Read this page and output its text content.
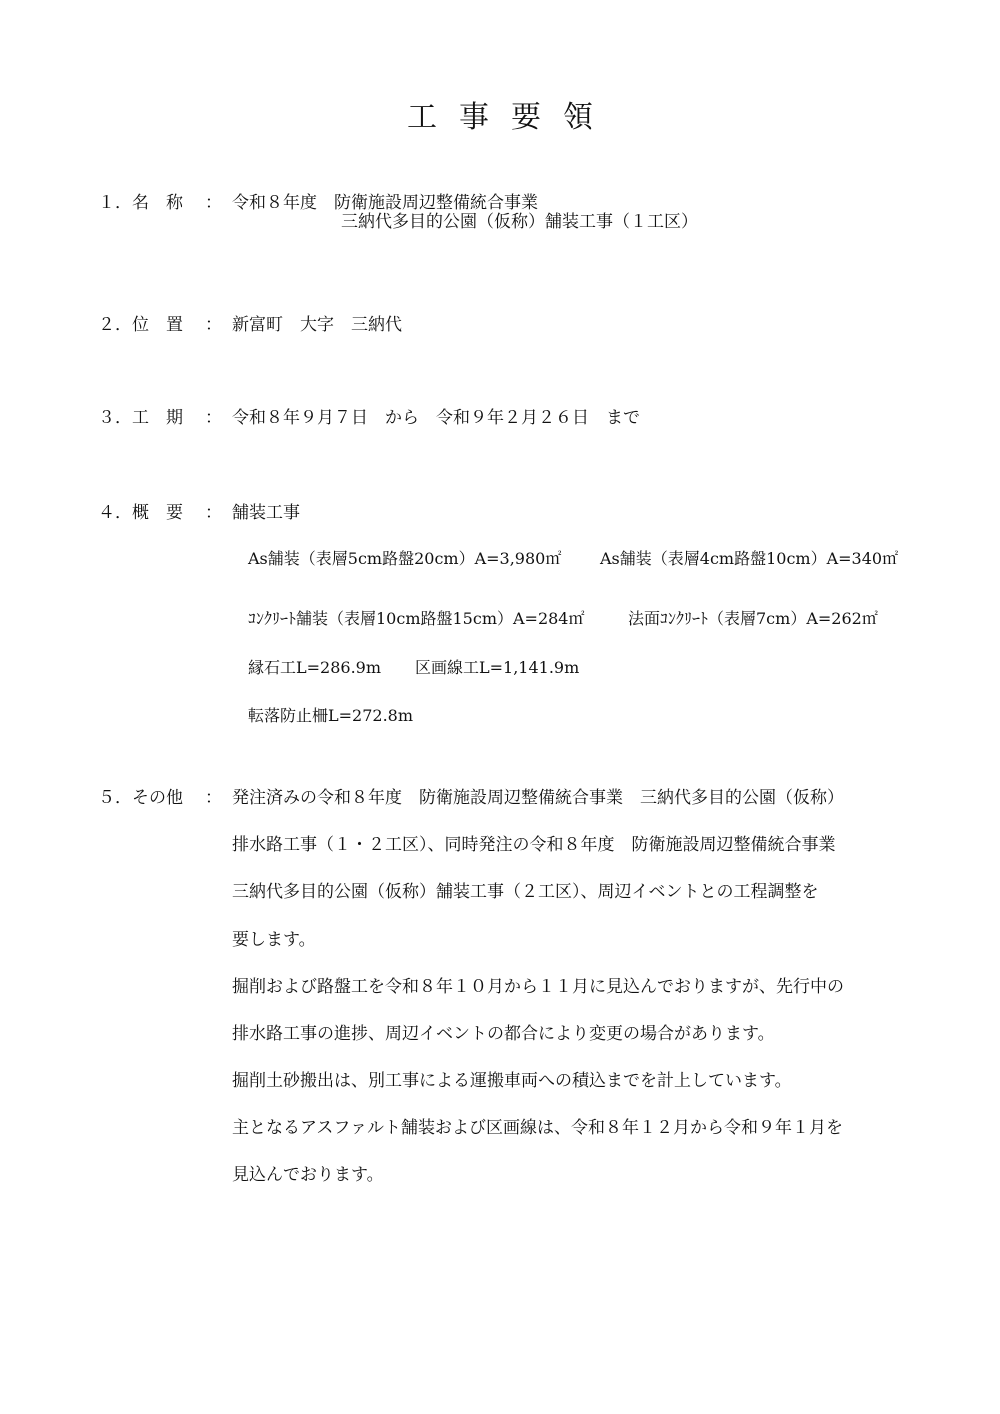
工事要領
１．名　称 ： 令和８年度　防衛施設周辺整備統合事業
三納代多目的公園（仮称）舗装工事（１工区）
２．位　置 ： 新富町　大字　三納代
３．工　期 ： 令和８年９月７日　から　令和９年２月２６日　まで
４．概　要 ： 舗装工事
As舗装（表層5cm路盤20cm）A=3,980㎡ As舗装（表層4cm路盤10cm）A=340㎡
ｺﾝｸﾘｰﾄ舗装（表層10cm路盤15cm）A=284㎡	法面ｺﾝｸﾘｰﾄ（表層7cm）A=262㎡
縁石工L=286.9m 区画線工L=1,141.9m
転落防止柵L=272.8m
５．その他 ： 発注済みの令和８年度　防衛施設周辺整備統合事業　三納代多目的公園（仮称）
排水路工事（１・２工区）、同時発注の令和８年度　防衛施設周辺整備統合事業
三納代多目的公園（仮称）舗装工事（２工区）、周辺イベントとの工程調整を
要します。
掘削および路盤工を令和８年１０月から１１月に見込んでおりますが、先行中の
排水路工事の進捗、周辺イベントの都合により変更の場合があります。
掘削土砂搬出は、別工事による運搬車両への積込までを計上しています。
主となるアスファルト舗装および区画線は、令和８年１２月から令和９年１月を
見込んでおります。
